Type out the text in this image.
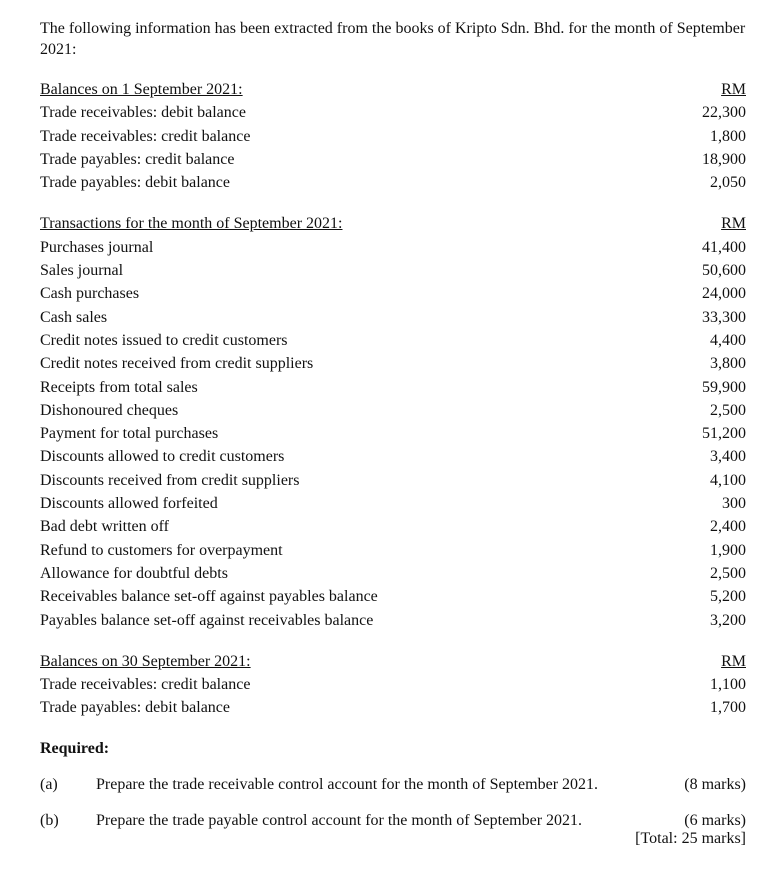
The following information has been extracted from the books of Kripto Sdn. Bhd. for the month of September 2021:

Balances on 1 September 2021:	RM
Trade receivables: debit balance	22,300
Trade receivables: credit balance	1,800
Trade payables: credit balance	18,900
Trade payables: debit balance	2,050
Transactions for the month of September 2021:	RM
Purchases journal	41,400
Sales journal	50,600
Cash purchases	24,000
Cash sales	33,300
Credit notes issued to credit customers	4,400
Credit notes received from credit suppliers	3,800
Receipts from total sales	59,900
Dishonoured cheques	2,500
Payment for total purchases	51,200
Discounts allowed to credit customers	3,400
Discounts received from credit suppliers	4,100
Discounts allowed forfeited	300
Bad debt written off	2,400
Refund to customers for overpayment	1,900
Allowance for doubtful debts	2,500
Receivables balance set-off against payables balance	5,200
Payables balance set-off against receivables balance	3,200
Balances on 30 September 2021:	RM
Trade receivables: credit balance	1,100
Trade payables: debit balance	1,700
Required:
(a)	Prepare the trade receivable control account for the month of September 2021.	(8 marks)
(b)	Prepare the trade payable control account for the month of September 2021.	(6 marks)
[Total: 25 marks]
